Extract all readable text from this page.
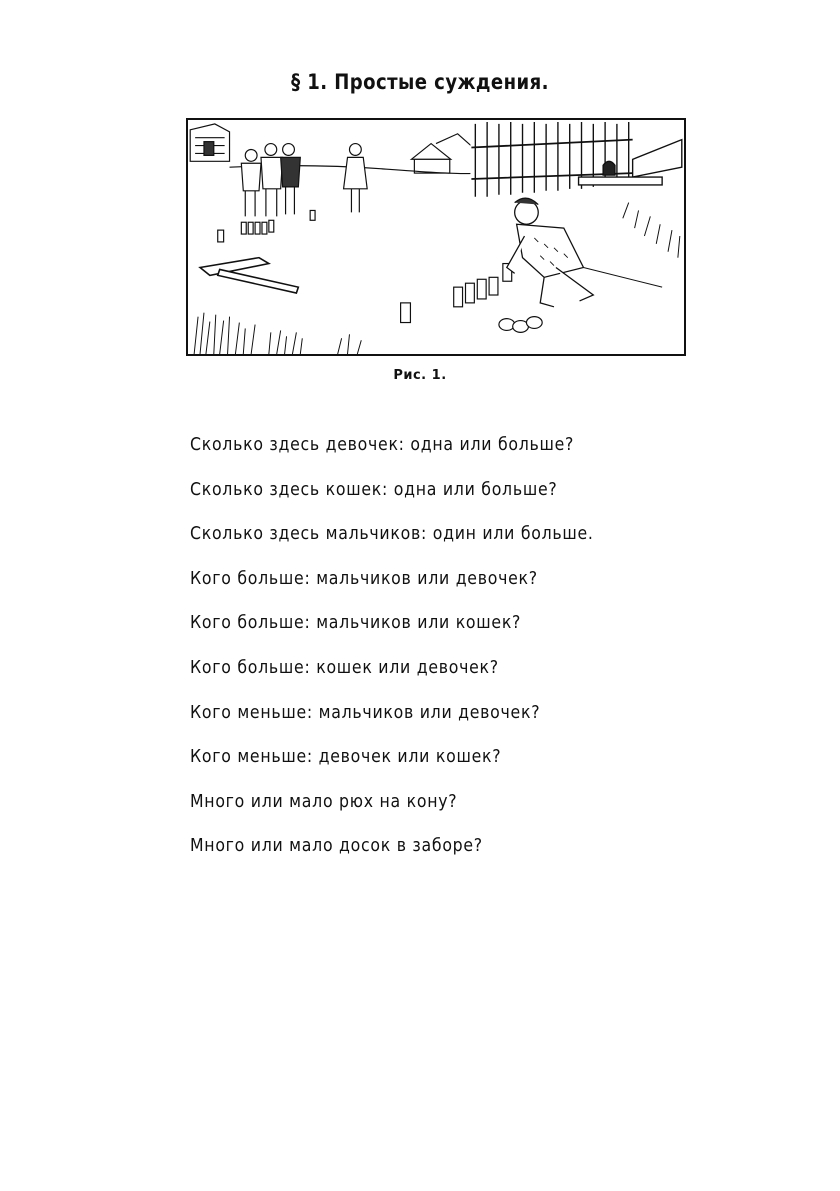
§ 1. Простые суждения.
Рис. 1.
Сколько здесь девочек: одна или больше?
Сколько здесь кошек: одна или больше?
Сколько здесь мальчиков: один или больше.
Кого больше: мальчиков или девочек?
Кого больше: мальчиков или кошек?
Кого больше: кошек или девочек?
Кого меньше: мальчиков или девочек?
Кого меньше: девочек или кошек?
Много или мало рюх на кону?
Много или мало досок в заборе?
